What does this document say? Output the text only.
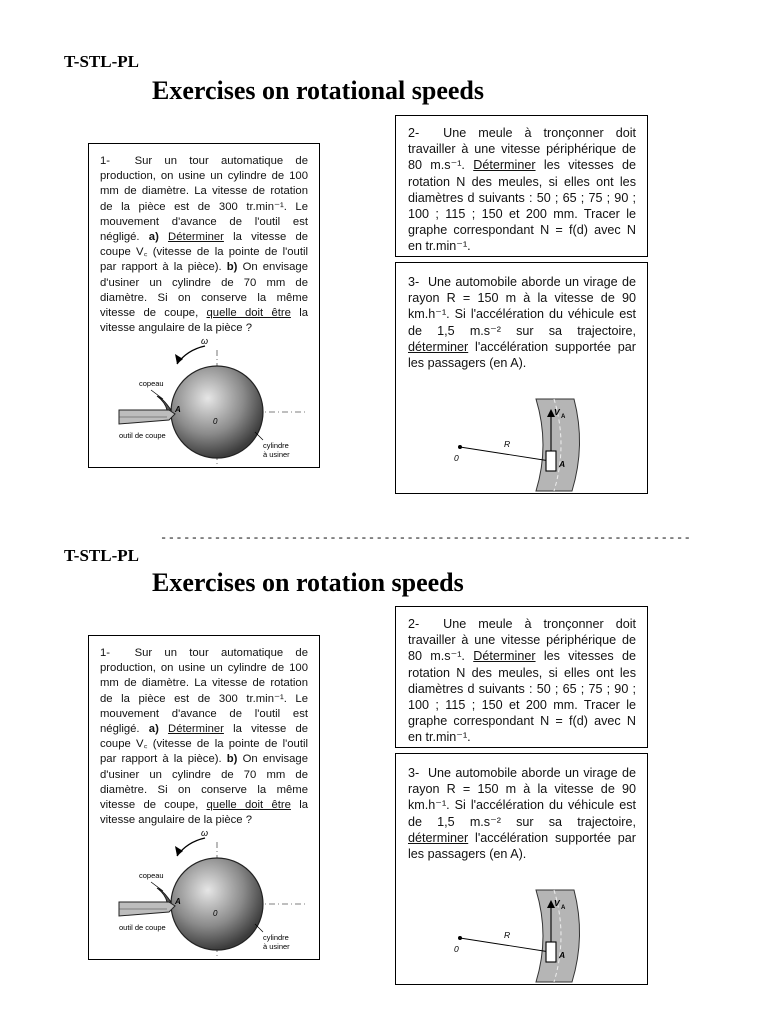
T-STL-PL
Exercises on rotational speeds
1- Sur un tour automatique de production, on usine un cylindre de 100 mm de diamètre. La vitesse de rotation de la pièce est de 300 tr.min⁻¹. Le mouvement d'avance de l'outil est négligé. a) Déterminer la vitesse de coupe V꜀ (vitesse de la pointe de l'outil par rapport à la pièce). b) On envisage d'usiner un cylindre de 70 mm de diamètre. Si on conserve la même vitesse de coupe, quelle doit être la vitesse angulaire de la pièce ?
ω
copeau
A
0
outil de coupe
cylindre
à usiner
2- Une meule à tronçonner doit travailler à une vitesse périphérique de 80 m.s⁻¹. Déterminer les vitesses de rotation N des meules, si elles ont les diamètres d suivants : 50 ; 65 ; 75 ; 90 ; 100 ; 115 ; 150 et 200 mm. Tracer le graphe correspondant N = f(d) avec N en tr.min⁻¹.
3- Une automobile aborde un virage de rayon R = 150 m à la vitesse de 90 km.h⁻¹. Si l'accélération du véhicule est de 1,5 m.s⁻² sur sa trajectoire, déterminer l'accélération supportée par les passagers (en A).
0
R
V A
A
---------------------------------------------------------------------
T-STL-PL
Exercises on rotation speeds
1- Sur un tour automatique de production, on usine un cylindre de 100 mm de diamètre. La vitesse de rotation de la pièce est de 300 tr.min⁻¹. Le mouvement d'avance de l'outil est négligé. a) Déterminer la vitesse de coupe V꜀ (vitesse de la pointe de l'outil par rapport à la pièce). b) On envisage d'usiner un cylindre de 70 mm de diamètre. Si on conserve la même vitesse de coupe, quelle doit être la vitesse angulaire de la pièce ?
ω
copeau
A
0
outil de coupe
cylindre
à usiner
2- Une meule à tronçonner doit travailler à une vitesse périphérique de 80 m.s⁻¹. Déterminer les vitesses de rotation N des meules, si elles ont les diamètres d suivants : 50 ; 65 ; 75 ; 90 ; 100 ; 115 ; 150 et 200 mm. Tracer le graphe correspondant N = f(d) avec N en tr.min⁻¹.
3- Une automobile aborde un virage de rayon R = 150 m à la vitesse de 90 km.h⁻¹. Si l'accélération du véhicule est de 1,5 m.s⁻² sur sa trajectoire, déterminer l'accélération supportée par les passagers (en A).
0
R
V A
A
